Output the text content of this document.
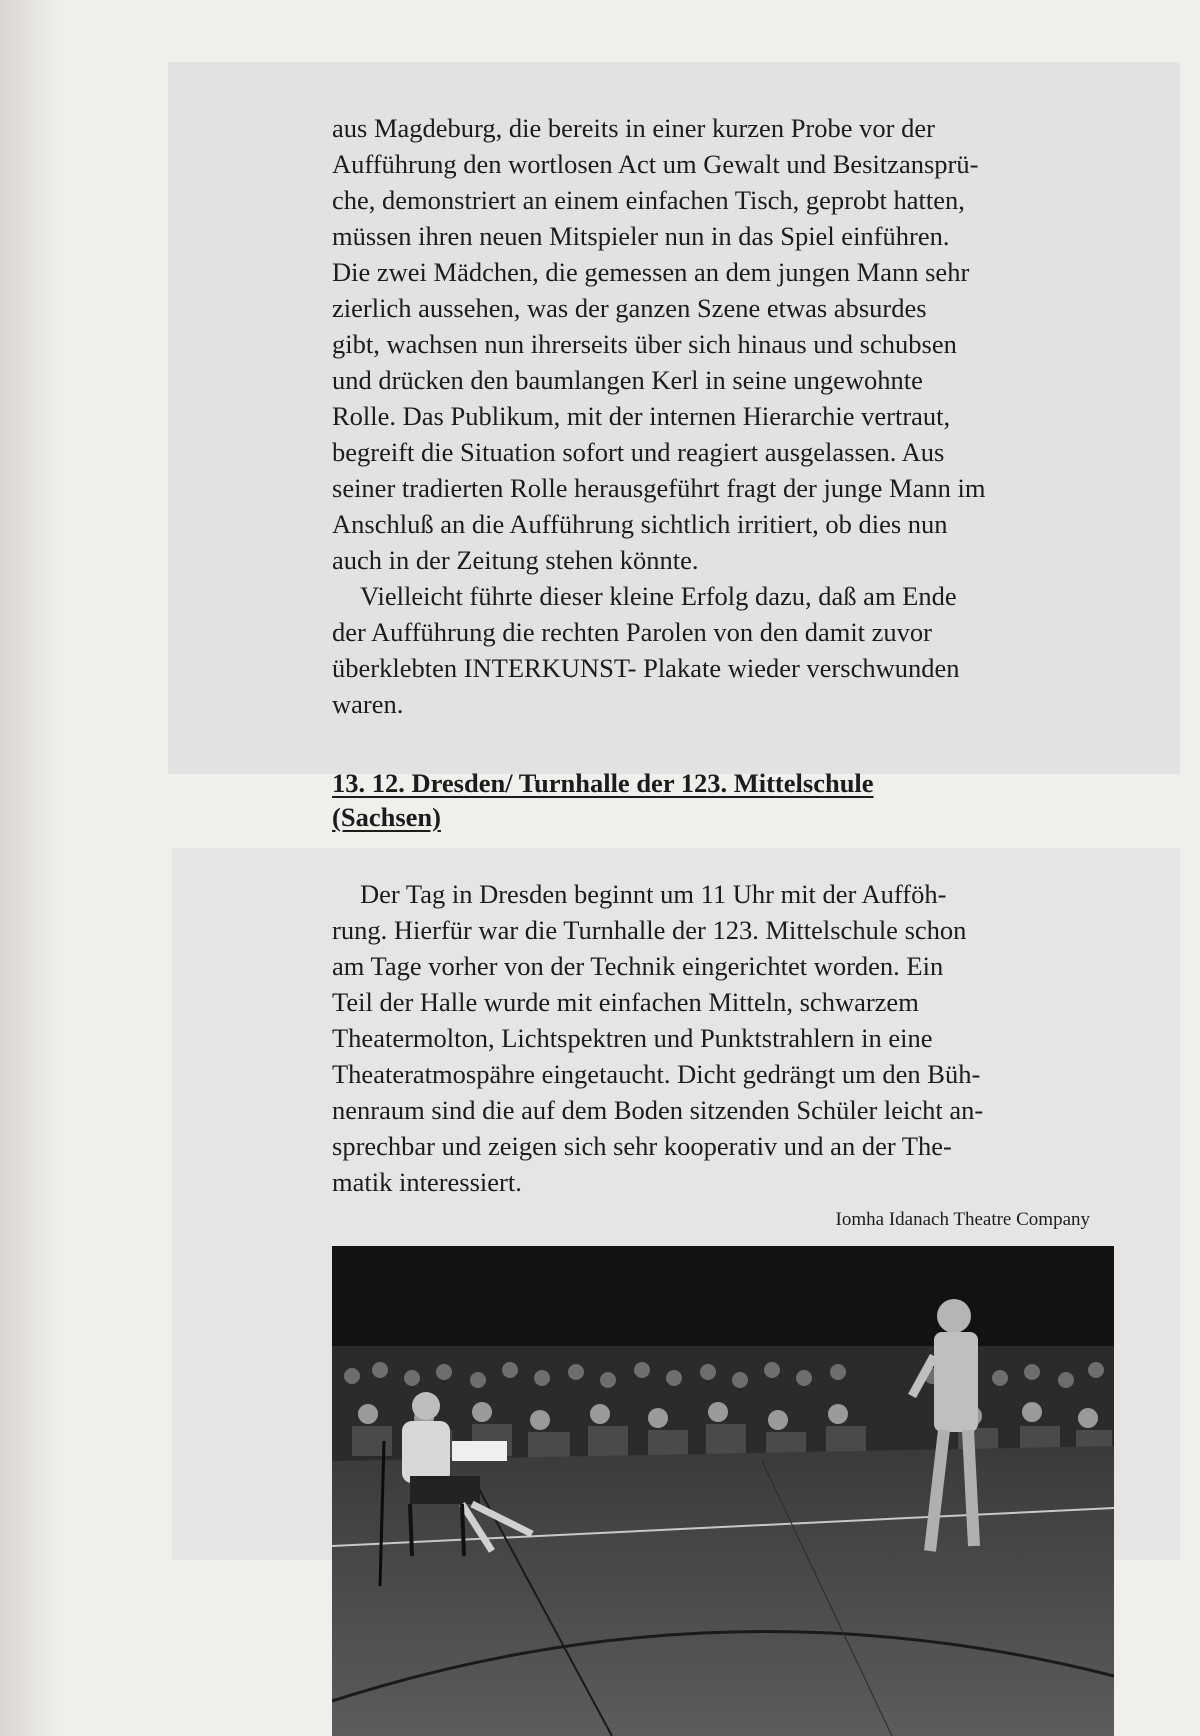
aus Magdeburg, die bereits in einer kurzen Probe vor der
Aufführung den wortlosen Act um Gewalt und Besitzansprü-
che, demonstriert an einem einfachen Tisch, geprobt hatten,
müssen ihren neuen Mitspieler nun in das Spiel einführen.
Die zwei Mädchen, die gemessen an dem jungen Mann sehr
zierlich aussehen, was der ganzen Szene etwas absurdes
gibt, wachsen nun ihrerseits über sich hinaus und schubsen
und drücken den baumlangen Kerl in seine ungewohnte
Rolle. Das Publikum, mit der internen Hierarchie vertraut,
begreift die Situation sofort und reagiert ausgelassen. Aus
seiner tradierten Rolle herausgeführt fragt der junge Mann im
Anschluß an die Aufführung sichtlich irritiert, ob dies nun
auch in der Zeitung stehen könnte.

Vielleicht führte dieser kleine Erfolg dazu, daß am Ende
der Aufführung die rechten Parolen von den damit zuvor
überklebten INTERKUNST- Plakate wieder verschwunden
waren.

13. 12. Dresden/ Turnhalle der 123. Mittelschule
(Sachsen)

Der Tag in Dresden beginnt um 11 Uhr mit der Aufföh-
rung. Hierfür war die Turnhalle der 123. Mittelschule schon
am Tage vorher von der Technik eingerichtet worden. Ein
Teil der Halle wurde mit einfachen Mitteln, schwarzem
Theatermolton, Lichtspektren und Punktstrahlern in eine
Theateratmospähre eingetaucht. Dicht gedrängt um den Büh-
nenraum sind die auf dem Boden sitzenden Schüler leicht an-
sprechbar und zeigen sich sehr kooperativ und an der The-
matik interessiert.

Iomha Idanach Theatre Company
